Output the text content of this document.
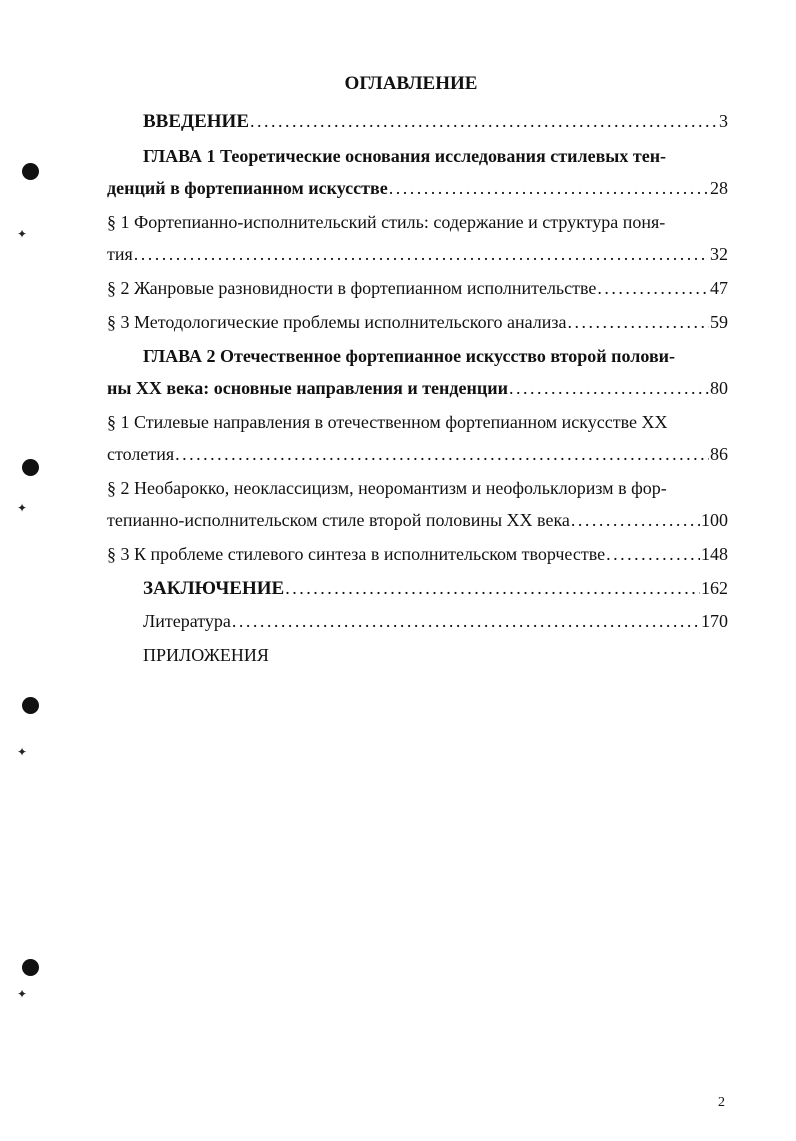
ОГЛАВЛЕНИЕ
ВВЕДЕНИЕ . . .	3
ГЛАВА 1 Теоретические основания исследования стилевых тен-
денций в фортепианном искусстве . . .	28
§ 1 Фортепианно-исполнительский стиль: содержание и структура поня-
тия . . .	32
§ 2 Жанровые разновидности в фортепианном исполнительстве . . .	47
§ 3 Методологические проблемы исполнительского анализа . . .	59
ГЛАВА 2 Отечественное фортепианное искусство второй полови-
ны XX века: основные направления и тенденции . . .	80
§ 1 Стилевые направления в отечественном фортепианном искусстве XX
столетия . . .	86
§ 2 Необарокко, неоклассицизм, неоромантизм и неофольклоризм в фор-
тепианно-исполнительском стиле второй половины XX века . . .	100
§ 3 К проблеме стилевого синтеза в исполнительском творчестве . . .	148
ЗАКЛЮЧЕНИЕ . . .	162
Литература . . .	170
ПРИЛОЖЕНИЯ
✦
✦
✦
✦
2
